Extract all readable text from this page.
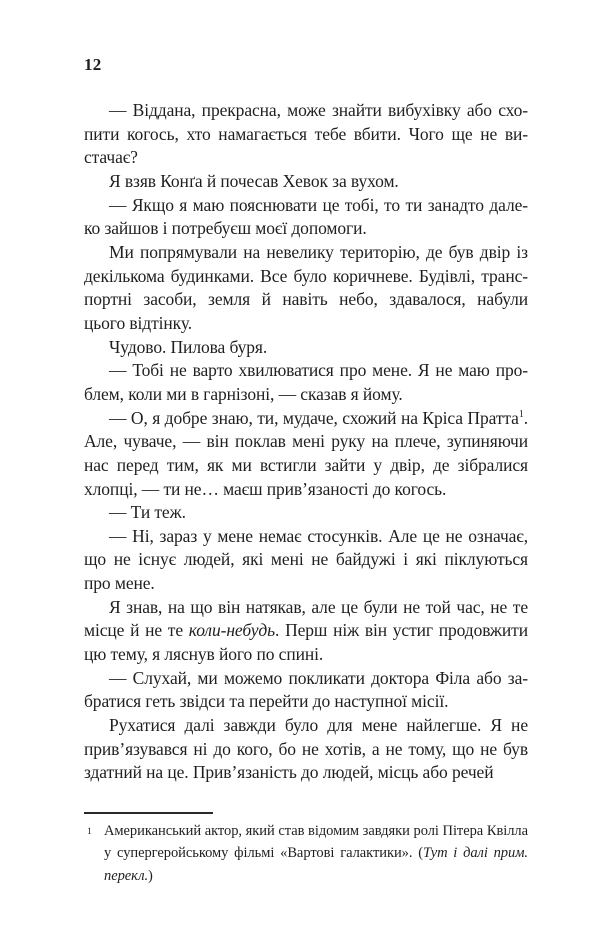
12
— Віддана, прекрасна, може знайти вибухівку або схо-
пити когось, хто намагається тебе вбити. Чого ще не ви-
стачає?
Я взяв Конґа й почесав Хевок за вухом.
— Якщо я маю пояснювати це тобі, то ти занадто дале-
ко зайшов і потребуєш моєї допомоги.
Ми попрямували на невелику територію, де був двір із
декількома будинками. Все було коричневе. Будівлі, транс-
портні засоби, земля й навіть небо, здавалося, набули
цього відтінку.
Чудово. Пилова буря.
— Тобі не варто хвилюватися про мене. Я не маю про-
блем, коли ми в гарнізоні, — сказав я йому.
— О, я добре знаю, ти, мудаче, схожий на Кріса Пратта$^1$.
Але, чуваче, — він поклав мені руку на плече, зупиняючи
нас перед тим, як ми встигли зайти у двір, де зібралися
хлопці, — ти не… маєш прив’язаності до когось.
— Ти теж.
— Ні, зараз у мене немає стосунків. Але це не означає,
що не існує людей, які мені не байдужі і які піклуються
про мене.
Я знав, на що він натякав, але це були не той час, не те
місце й не те коли-небудь. Перш ніж він устиг продовжити
цю тему, я ляснув його по спині.
— Слухай, ми можемо покликати доктора Філа або за-
братися геть звідси та перейти до наступної місії.
Рухатися далі завжди було для мене найлегше. Я не
прив’язувався ні до кого, бо не хотів, а не тому, що не був
здатний на це. Прив’язаність до людей, місць або речей
1 Американський актор, який став відомим завдяки ролі Пітера Квілла
у супергеройському фільмі «Вартові галактики». (Тут і далі прим.
перекл.)
